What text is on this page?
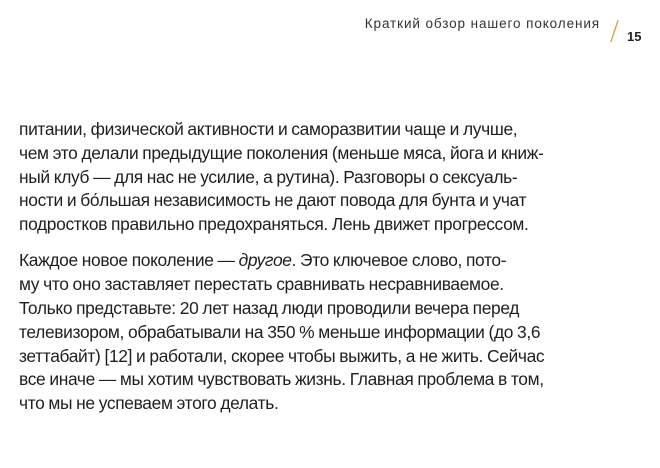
Краткий обзор нашего поколения
15

питании, физической активности и саморазвитии чаще и лучше,
чем это делали предыдущие поколения (меньше мяса, йога и книж-
ный клуб — для нас не усилие, а рутина). Разговоры о сексуаль-
ности и бо́льшая независимость не дают повода для бунта и учат
подростков правильно предохраняться. Лень движет прогрессом.

Каждое новое поколение — другое. Это ключевое слово, пото-
му что оно заставляет перестать сравнивать несравниваемое.
Только представьте: 20 лет назад люди проводили вечера перед
телевизором, обрабатывали на 350 % меньше информации (до 3,6
зеттабайт) [12] и работали, скорее чтобы выжить, а не жить. Сейчас
все иначе — мы хотим чувствовать жизнь. Главная проблема в том,
что мы не успеваем этого делать.
